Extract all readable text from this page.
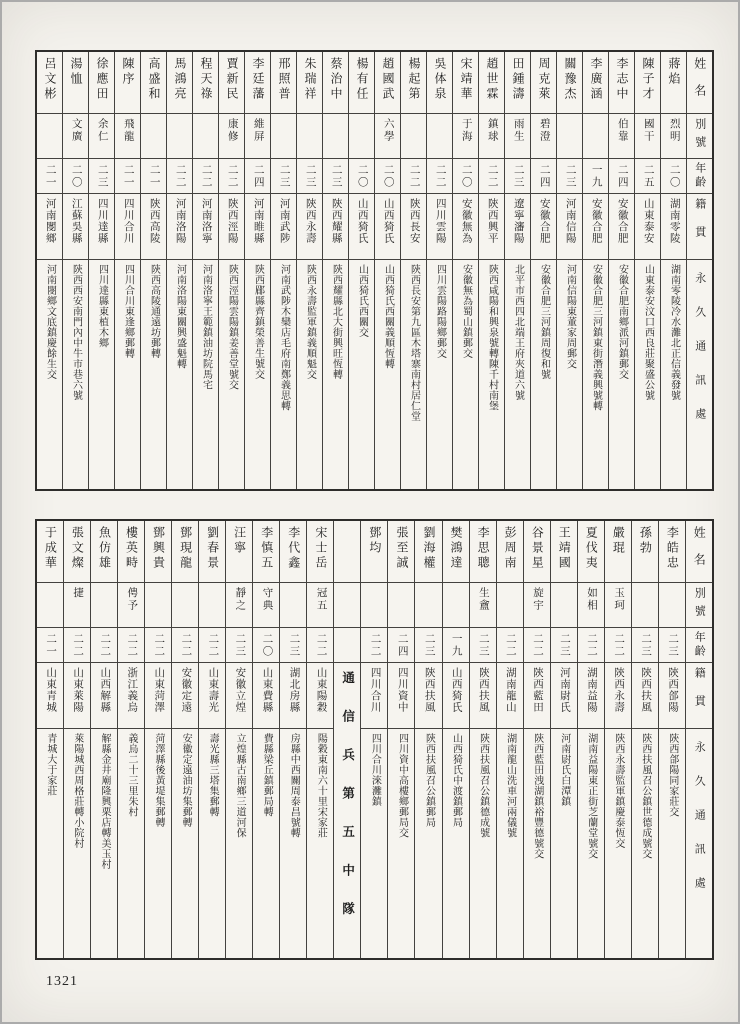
姓名
別號
年齡
籍貫
永久通訊處
蔣焰
烈明
二〇
湖南零陵
湖南零陵冷水灘北正信義發號
陳子才
國干
二五
山東泰安
山東泰安汶口西良莊聚盛公號
李志中
伯靠
二四
安徽合肥
安徽合肥南鄉派河鎮郵交
李廣涵
一九
安徽合肥
安徽合肥三河鎮東街潛義興號轉
關豫杰
二三
河南信陽
河南信陽東董家周郵交
周克萊
碧澄
二四
安徽合肥
安徽合肥三河鎮周復和號
田鍾濤
雨生
二三
遼寧瀋陽
北平市西四北端王府夾道六號
趙世霖
鎮球
二二
陝西興平
陝西咸陽和興泉號轉陳千村南堡
宋靖華
于海
二〇
安徽無為
安徽無為蜀山鎮郵交
吳体泉
二二
四川雲陽
四川雲陽路陽鄉郵交
楊起第
二二
陝西長安
陝西長安第九區木塔寨南村居仁堂
趙國武
六學
二〇
山西猗氏
山西猗氏西關義順恆轉
楊有任
二〇
山西猗氏
山西猗氏西關交
蔡治中
二三
陝西耀縣
陝西耀縣北大街興旺恆轉
朱瑞祥
二三
陝西永壽
陝西永壽監軍鎮義順魁交
邢照普
二三
河南武陟
河南武陟木欒店毛府南鄭義思轉
李廷藩
維屏
二四
河南睢縣
陝西郿縣齊鎮榮善生號交
賈新民
康修
二二
陝西涇陽
陝西涇陽雲陽鎮姜善堂號交
程天祿
二二
河南洛寧
河南洛寧王範鎮油坊院馬宅
馬鴻亮
二二
河南洛陽
河南洛陽東關興盛魁轉
高盛和
二一
陝西高陵
陝西高陵通遠坊郵轉
陳序
飛龍
二一
四川合川
四川合川東逢鄉郵轉
徐應田
余仁
二三
四川達縣
四川達縣東植木鄉
湯恤
文廣
二〇
江蘇吳縣
陝西西安南門內中牛市巷六號
呂文彬
二一
河南閿鄉
河南閿鄉文底鎮慶餘生交
姓名
別號
年齡
籍貫
永久通訊處
李皓忠
二三
陝西郃陽
陝西郃陽同家莊交
孫勃
二三
陝西扶風
陝西扶風召公鎮世德成號交
嚴琨
玉珂
二二
陝西永壽
陝西永壽監軍鎮慶泰恆交
夏伐夷
如相
二二
湖南益陽
湖南益陽東正街芝蘭堂號交
王靖國
二三
河南尉氏
河南尉氏白潭鎮
谷景星
旋宇
二二
陝西藍田
陝西藍田洩湖鎮裕豐德號交
彭周南
二二
湖南龍山
湖南龍山洗車河兩儀號
李思聰
生盦
二三
陝西扶風
陝西扶風召公鎮德成號
樊鴻達
一九
山西猗氏
山西猗氏中渡鎮郵局
劉海權
二三
陝西扶風
陝西扶風召公鎮郵局
張至誠
二四
四川資中
四川資中高樓鄉郵局交
鄧均
二二
四川合川
四川合川淶灘鎮
通信兵第五中隊
宋士岳
冠五
二二
山東陽穀
陽穀東南六十里宋家莊
李代鑫
二三
湖北房縣
房縣中西關周泰昌號轉
李慎五
守典
二〇
山東費縣
費縣梁丘鎮郵局轉
汪寧
靜之
二三
安徽立煌
立煌縣古南鄉三道河保
劉春景
二二
山東壽光
壽光縣三塔集郵轉
鄧現龍
二二
安徽定遠
安徽定遠油坊集郵轉
鄧興貴
二二
山東菏澤
菏澤縣後黃堤集郵轉
樓英畤
俜予
二二
浙江義烏
義烏二十三里朱村
魚仿雄
二二
山西解縣
解縣金井廟隆興栗店轉美玉村
張文燦
捷
二二
山東萊陽
萊陽城西周格莊轉小院村
于成華
二一
山東青城
青城大于家莊
1321
